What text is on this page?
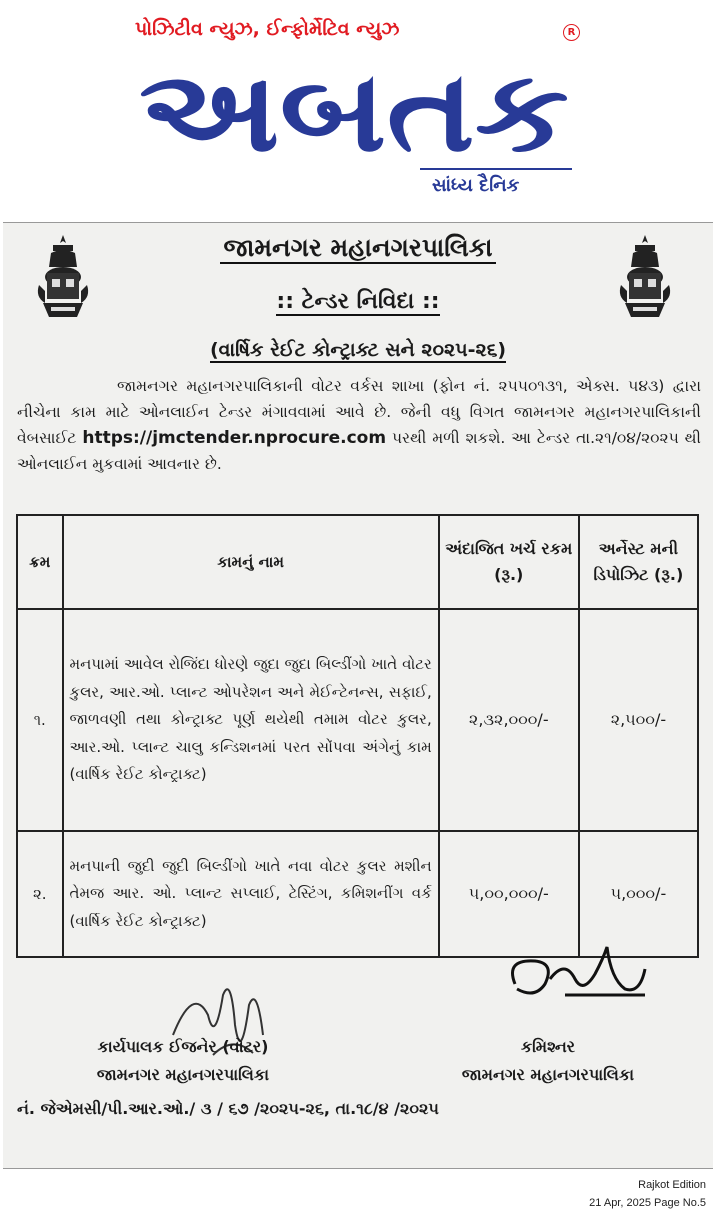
પોઝિટીવ ન્યુઝ, ઈન્ફોર્મેટિવ ન્યુઝ	R
અબતક
સાંધ્ય દૈનિક
જામનગર મહાનગરપાલિકા
:: ટેન્ડર નિવિદા ::
(વાર્ષિક રેઈટ કોન્ટ્રાક્ટ સને ૨૦૨૫-૨૬)
જામનગર મહાનગરપાલિકાની વોટર વર્કસ શાખા (ફોન નં. ૨૫૫૦૧૩૧, એક્સ. ૫૪૩) દ્વારા નીચેના કામ માટે ઓનલાઈન ટેન્ડર મંગાવવામાં આવે છે. જેની વધુ વિગત જામનગર મહાનગરપાલિકાની વેબસાઈટ https://jmctender.nprocure.com પરથી મળી શકશે. આ ટેન્ડર તા.૨૧/૦૪/૨૦૨૫ થી ઓનલાઈન મુકવામાં આવનાર છે.
ક્રમ	કામનું નામ	અંદાજિત ખર્ચ રકમ (રૂ.)	અર્નેસ્ટ મની ડિપોઝિટ (રૂ.)
૧.	મનપામાં આવેલ રોજિંદા ધોરણે જુદા જુદા બિલ્ડીંગો ખાતે વોટર કુલર, આર.ઓ. પ્લાન્ટ ઓપરેશન અને મેઈન્ટેનન્સ, સફાઈ, જાળવણી તથા કોન્ટ્રાક્ટ પૂર્ણ થયેથી તમામ વોટર કુલર, આર.ઓ. પ્લાન્ટ ચાલુ કન્ડિશનમાં પરત સોંપવા અંગેનું કામ (વાર્ષિક રેઈટ કોન્ટ્રાક્ટ)	૨,૩૨,૦૦૦/-	૨,૫૦૦/-
૨.	મનપાની જુદી જુદી બિલ્ડીંગો ખાતે નવા વોટર કુલર મશીન તેમજ આર. ઓ. પ્લાન્ટ સપ્લાઈ, ટેસ્ટિંગ, કમિશનીંગ વર્ક (વાર્ષિક રેઈટ કોન્ટ્રાક્ટ)	૫,૦૦,૦૦૦/-	૫,૦૦૦/-
કાર્યપાલક ઈજનેર (વોટર)
જામનગર મહાનગરપાલિકા
કમિશ્નર
જામનગર મહાનગરપાલિકા
નં. જેએમસી/પી.આર.ઓ./ ૩ / ૬૭ /૨૦૨૫-૨૬, તા.૧૮/૪ /૨૦૨૫
Rajkot Edition
21 Apr, 2025 Page No.5
